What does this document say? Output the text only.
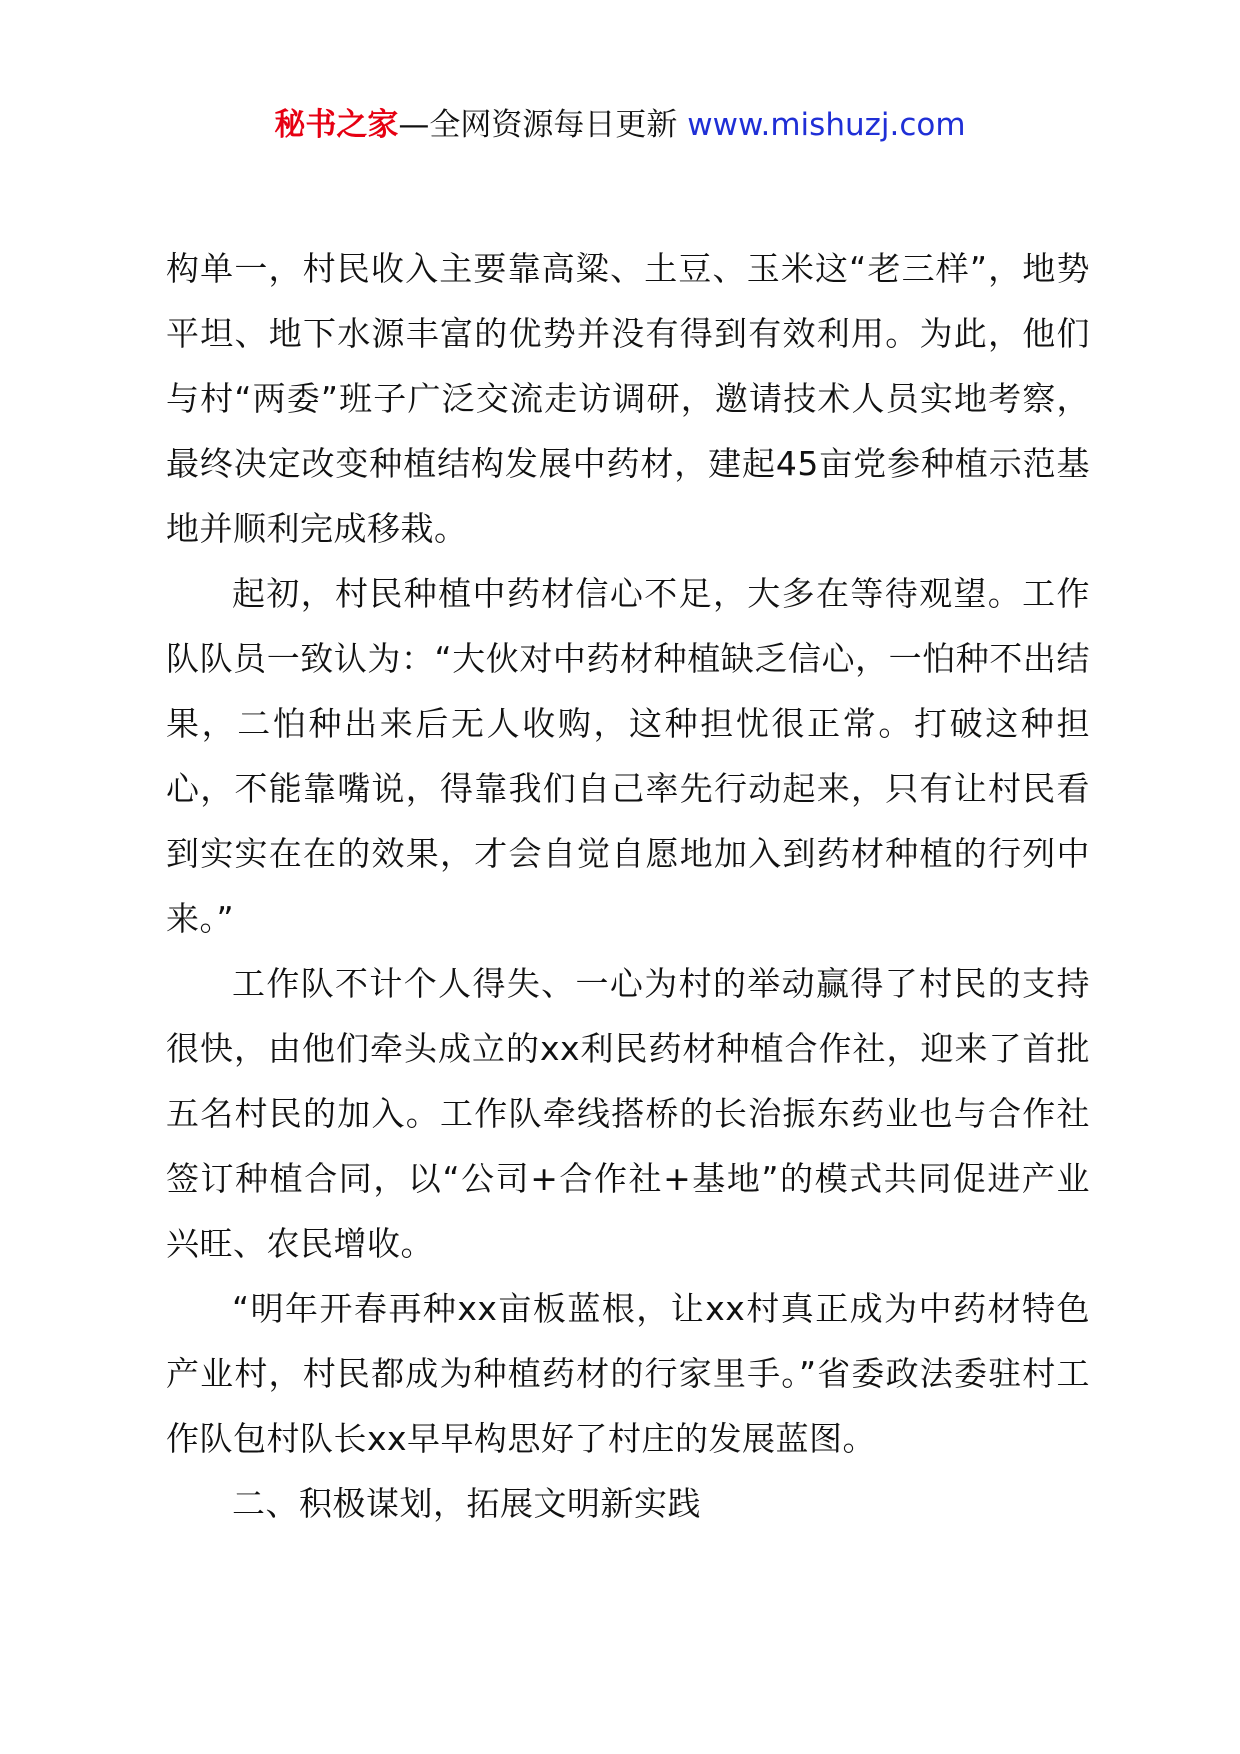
秘书之家—全网资源每日更新 www.mishuzj.com

构单一，村民收入主要靠高粱、土豆、玉米这“老三样”，地势平坦、地下水源丰富的优势并没有得到有效利用。为此，他们与村“两委”班子广泛交流走访调研，邀请技术人员实地考察，最终决定改变种植结构发展中药材，建起45亩党参种植示范基地并顺利完成移栽。

起初，村民种植中药材信心不足，大多在等待观望。工作队队员一致认为：“大伙对中药材种植缺乏信心，一怕种不出结果，二怕种出来后无人收购，这种担忧很正常。打破这种担心，不能靠嘴说，得靠我们自己率先行动起来，只有让村民看到实实在在的效果，才会自觉自愿地加入到药材种植的行列中来。”

工作队不计个人得失、一心为村的举动赢得了村民的支持很快，由他们牵头成立的xx利民药材种植合作社，迎来了首批五名村民的加入。工作队牵线搭桥的长治振东药业也与合作社签订种植合同，以“公司+合作社+基地”的模式共同促进产业兴旺、农民增收。

“明年开春再种xx亩板蓝根，让xx村真正成为中药材特色产业村，村民都成为种植药材的行家里手。”省委政法委驻村工作队包村队长xx早早构思好了村庄的发展蓝图。

二、积极谋划，拓展文明新实践
